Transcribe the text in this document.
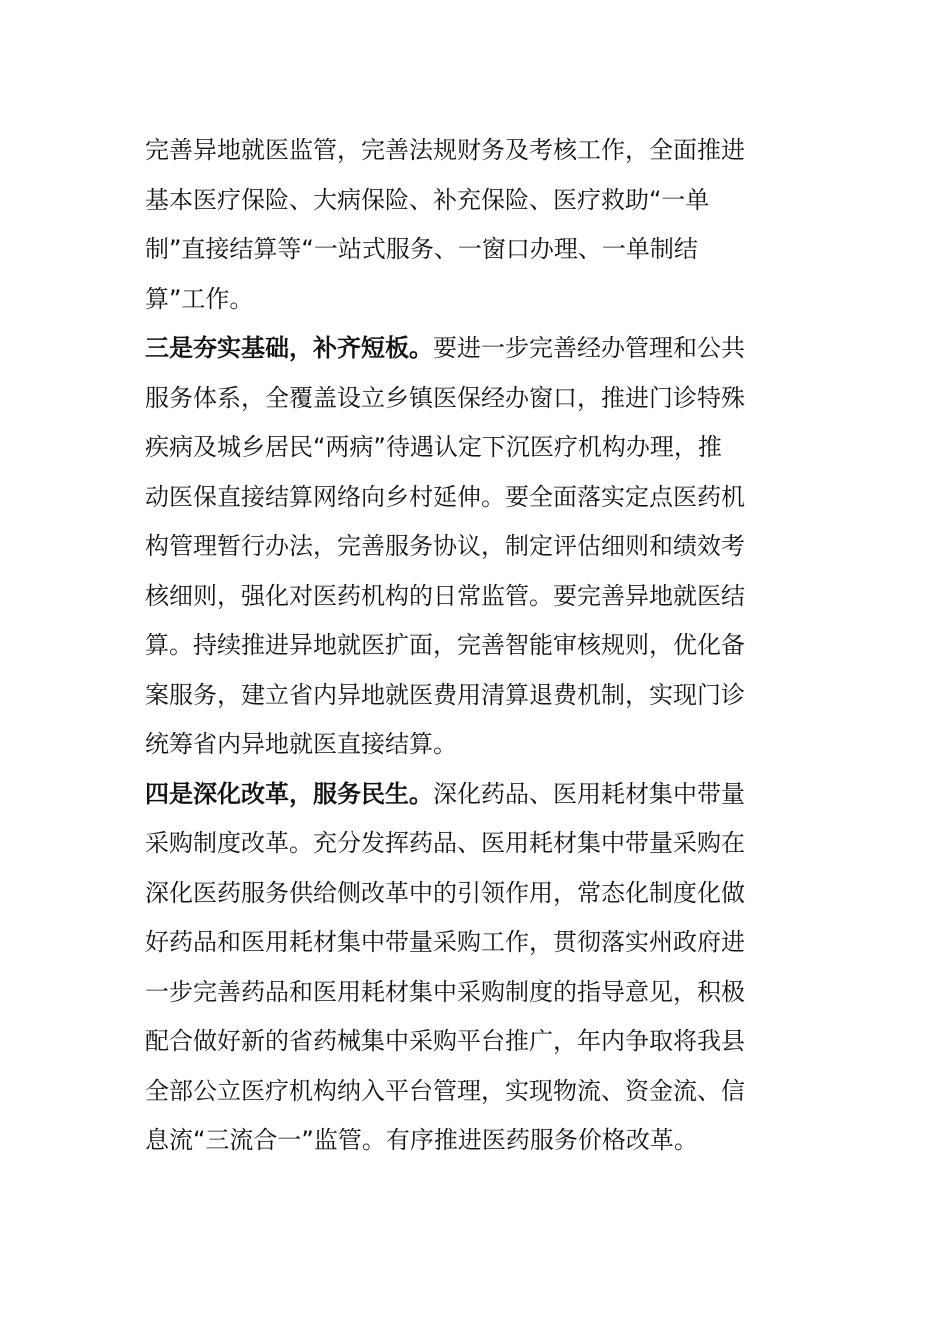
完善异地就医监管，完善法规财务及考核工作，全面推进
基本医疗保险、大病保险、补充保险、医疗救助“一单
制”直接结算等“一站式服务、一窗口办理、一单制结
算”工作。

三是夯实基础，补齐短板。要进一步完善经办管理和公共
服务体系，全覆盖设立乡镇医保经办窗口，推进门诊特殊
疾病及城乡居民“两病”待遇认定下沉医疗机构办理，推
动医保直接结算网络向乡村延伸。要全面落实定点医药机
构管理暂行办法，完善服务协议，制定评估细则和绩效考
核细则，强化对医药机构的日常监管。要完善异地就医结
算。持续推进异地就医扩面，完善智能审核规则，优化备
案服务，建立省内异地就医费用清算退费机制，实现门诊
统筹省内异地就医直接结算。

四是深化改革，服务民生。深化药品、医用耗材集中带量
采购制度改革。充分发挥药品、医用耗材集中带量采购在
深化医药服务供给侧改革中的引领作用，常态化制度化做
好药品和医用耗材集中带量采购工作，贯彻落实州政府进
一步完善药品和医用耗材集中采购制度的指导意见，积极
配合做好新的省药械集中采购平台推广，年内争取将我县
全部公立医疗机构纳入平台管理，实现物流、资金流、信
息流“三流合一”监管。有序推进医药服务价格改革。
